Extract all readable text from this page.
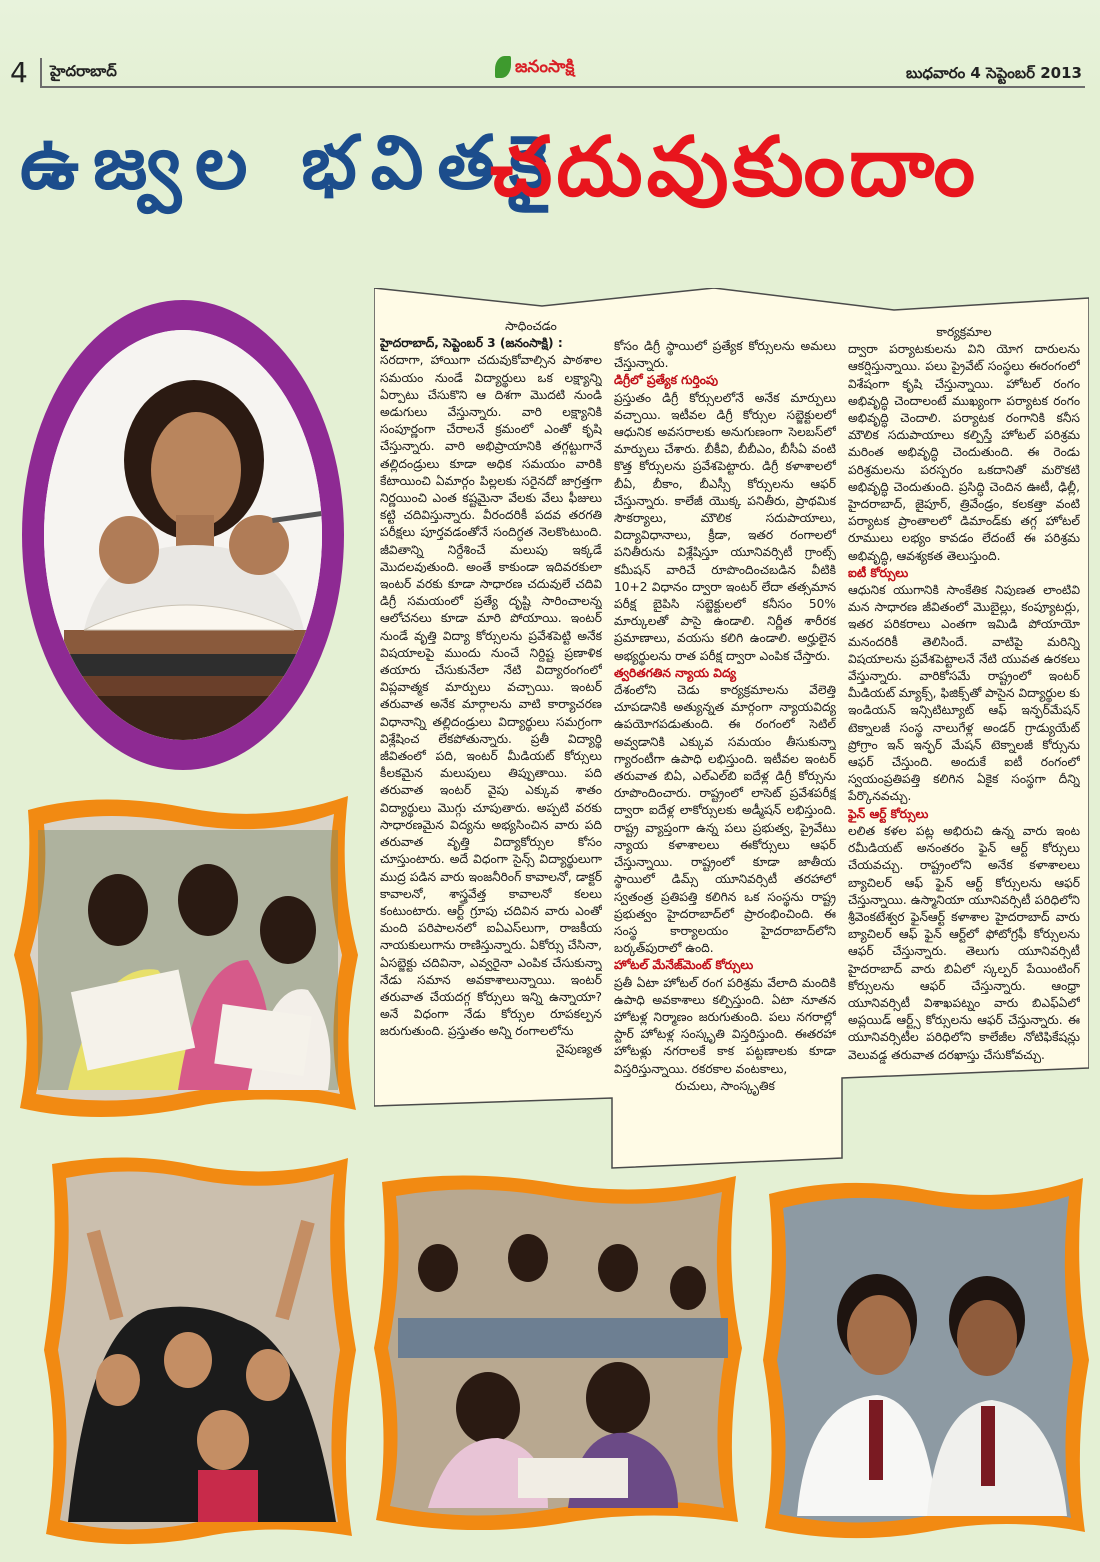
4 హైదరాబాద్	జనంసాక్షి	బుధవారం 4 సెప్టెంబర్ 2013
ఉజ్వల భవితకై
చదువుకుందాం

సాధించడం

హైదరాబాద్, సెప్టెంబర్ 3 (జనంసాక్షి) :

సరదాగా, హాయిగా చదువుకోవాల్సిన పాఠశాల సమయం నుండే విద్యార్థులు ఒక లక్ష్యాన్ని ఏర్పాటు చేసుకొని ఆ దిశగా మొదటి నుండి అడుగులు వేస్తున్నారు. వారి లక్ష్యానికి సంపూర్ణంగా చేరాలనే క్రమంలో ఎంతో కృషి చేస్తున్నారు. వారి అభిప్రాయానికి తగ్గట్టుగానే తల్లిదండ్రులు కూడా అధిక సమయం వారికి కేటాయించి ఏమార్గం పిల్లలకు సరైనదో జాగ్రత్తగా నిర్ణయించి ఎంత కష్టమైనా వేలకు వేలు ఫీజులు కట్టి చదివిస్తున్నారు. వీరందరికీ పదవ తరగతి పరీక్షలు పూర్తవడంతోనే సందిగ్ధత నెలకొంటుంది. జీవితాన్ని నిర్దేశించే మలుపు ఇక్కడే మొదలవుతుంది. అంతే కాకుండా ఇదివరకులా ఇంటర్ వరకు కూడా సాధారణ చదువులే చదివి డిగ్రీ సమయంలో ప్రత్యే దృష్టి సారించాలన్న ఆలోచనలు కూడా మారి పోయాయి. ఇంటర్ నుండే వృత్తి విద్యా కోర్సులను ప్రవేశపెట్టి అనేక విషయాలపై ముందు నుంచే నిర్దిష్ట ప్రణాళిక తయారు చేసుకునేలా నేటి విద్యారంగంలో విప్లవాత్మక మార్పులు వచ్చాయి. ఇంటర్ తరువాత అనేక మార్గాలను వాటి కార్యాచరణ విధానాన్ని తల్లిదండ్రులు విద్యార్థులు సమగ్రంగా విశ్లేషించ లేకపోతున్నారు. ప్రతీ విద్యార్థి జీవితంలో పది, ఇంటర్ మీడియట్ కోర్సులు కీలకమైన మలుపులు తిప్పుతాయి. పది తరువాత ఇంటర్ వైపు ఎక్కువ శాతం విద్యార్థులు మొగ్గు చూపుతారు. అప్పటి వరకు సాధారణమైన విద్యను అభ్యసించిన వారు పది తరువాత వృత్తి విద్యాకోర్సుల కోసం చూస్తుంటారు. అదే విధంగా సైన్స్ విద్యార్థులుగా ముద్ర పడిన వారు ఇంజనీరింగ్ కావాలనో, డాక్టర్ కావాలనో, శాస్త్రవేత్త కావాలనో కలలు కంటుంటారు. ఆర్ట్ గ్రూపు చదివిన వారు ఎంతో మంది పరిపాలనలో ఐఏఎస్‌లుగా, రాజకీయ నాయకులుగాను రాణిస్తున్నారు. ఏకోర్సు చేసినా, ఏసబ్జెక్టు చదివినా, ఎవ్వరైనా ఎంపిక చేసుకున్నా నేడు సమాన అవకాశాలున్నాయి. ఇంటర్ తరువాత చేయదగ్గ కోర్సులు ఇన్ని ఉన్నాయా? అనే విధంగా నేడు కోర్సుల రూపకల్పన జరుగుతుంది. ప్రస్తుతం అన్ని రంగాలలోను

నైపుణ్యత

కోసం డిగ్రీ స్థాయిలో ప్రత్యేక కోర్సులను అమలు చేస్తున్నారు.

డిగ్రీలో ప్రత్యేక గుర్తింపు

ప్రస్తుతం డిగ్రీ కోర్సులలోనే అనేక మార్పులు వచ్చాయి. ఇటీవల డిగ్రీ కోర్సుల సబ్జెక్టులలో ఆధునిక అవసరాలకు అనుగుణంగా సెలబస్‌లో మార్పులు చేశారు. బీకీవి, బీబీఎం, బీసీఏ వంటి కొత్త కోర్సులను ప్రవేశపెట్టారు. డిగ్రీ కళాశాలలో బీఏ, బీకాం, బీఎస్సీ కోర్సులను ఆఫర్ చేస్తున్నారు. కాలేజీ యొక్క పనితీరు, ప్రాథమిక సౌకర్యాలు, మౌలిక సదుపాయాలు, విద్యావిధానాలు, క్రీడా, ఇతర రంగాలలో పనితీరును విశ్లేషిస్తూ యూనివర్సిటీ గ్రాంట్స్ కమీషన్ వారిచే రూపొందించబడిన వీటికి 10+2 విధానం ద్వారా ఇంటర్ లేదా తత్సమాన పరీక్ష బైపిసి సబ్జెక్టులలో కనీసం 50% మార్కులతో పాసై ఉండాలి. నిర్ణీత శారీరక ప్రమాణాలు, వయసు కలిగి ఉండాలి. అర్హులైన అభ్యర్థులను రాత పరీక్ష ద్వారా ఎంపిక చేస్తారు.

త్వరితగతిన న్యాయ విద్య

దేశంలోని చెడు కార్యక్రమాలను వేలెత్తి చూపడానికి అత్యున్నత మార్గంగా న్యాయవిద్య ఉపయోగపడుతుంది. ఈ రంగంలో సెటిల్ అవ్వడానికి ఎక్కువ సమయం తీసుకున్నా గ్యారంటీగా ఉపాధి లభిస్తుంది. ఇటీవల ఇంటర్ తరువాత బిఏ, ఎల్‌ఎల్‌బి ఐదేళ్ల డిగ్రీ కోర్సును రూపొందించారు. రాష్ట్రంలో లాసెట్ ప్రవేశపరీక్ష ద్వారా ఐదేళ్ల లాకోర్సులకు అడ్మీషన్ లభిస్తుంది. రాష్ట్ర వ్యాప్తంగా ఉన్న పలు ప్రభుత్వ, ప్రైవేటు న్యాయ కళాశాలలు ఈకోర్సులు ఆఫర్ చేస్తున్నాయి. రాష్ట్రంలో కూడా జాతీయ స్థాయిలో డిమ్స్ యూనివర్సిటీ తరహాలో స్వతంత్ర ప్రతిపత్తి కలిగిన ఒక సంస్థను రాష్ట్ర ప్రభుత్వం హైదరాబాద్‌లో ప్రారంభించింది. ఈ సంస్థ కార్యాలయం హైదరాబాద్‌లోని బర్కత్‌పురాలో ఉంది.

హోటల్ మేనేజ్‌మెంట్ కోర్సులు

ప్రతీ ఏటా హోటల్ రంగ పరిశ్రమ వేలాది మందికి ఉపాధి అవకాశాలు కల్పిస్తుంది. ఏటా నూతన హోటళ్ల నిర్మాణం జరుగుతుంది. పలు నగరాల్లో స్టార్ హోటళ్ల సంస్కృతి విస్తరిస్తుంది. ఈతరహా హోటళ్లు నగరాలకే కాక పట్టణాలకు కూడా విస్తరిస్తున్నాయి. రకరకాల వంటకాలు,

రుచులు, సాంస్కృతిక

కార్యక్రమాల

ద్వారా పర్యాటకులను విని యోగ దారులను ఆకర్షిస్తున్నాయి. పలు ప్రైవేట్ సంస్థలు ఈరంగంలో విశేషంగా కృషి చేస్తున్నాయి. హోటల్ రంగం అభివృద్ధి చెందాలంటే ముఖ్యంగా పర్యాటక రంగం అభివృద్ధి చెందాలి. పర్యాటక రంగానికి కనీస మౌలిక సదుపాయాలు కల్పిస్తే హోటల్ పరిశ్రమ మరింత అభివృద్ధి చెందుతుంది. ఈ రెండు పరిశ్రమలను పరస్పరం ఒకదానితో మరొకటి అభివృద్ధి చెందుతుంది. ప్రసిద్ధి చెందిన ఊటీ, ఢిల్లీ, హైదరాబాద్, జైపూర్, త్రివేండ్రం, కలకత్తా వంటి పర్యాటక ప్రాంతాలలో డిమాండ్‌కు తగ్గ హోటల్ రూములు లభ్యం కావడం లేదంటే ఈ పరిశ్రమ అభివృద్ధి, ఆవశ్యకత తెలుస్తుంది.

ఐటీ కోర్సులు

ఆధునిక యుగానికి సాంకేతిక నిపుణత లాంటివి మన సాధారణ జీవితంలో మొబైల్లు, కంప్యూటర్లు, ఇతర పరికరాలు ఎంతగా ఇమిడి పోయాయో మనందరికీ తెలిసిందే. వాటిపై మరిన్ని విషయాలను ప్రవేశపెట్టాలనే నేటి యువత ఉరకలు వేస్తున్నారు. వారికోసమే రాష్ట్రంలో ఇంటర్ మీడియట్ మ్యాక్స్, ఫిజిక్స్‌తో పాసైన విద్యార్థుల కు ఇండియన్ ఇన్సిటిట్యూట్ ఆఫ్ ఇన్ఫర్‌మేషన్ టెక్నాలజీ సంస్థ నాలుగేళ్ల అండర్ గ్రాడ్యుయేట్ ప్రోగ్రాం ఇన్ ఇన్ఫర్ మేషన్ టెక్నాలజీ కోర్సును ఆఫర్ చేస్తుంది. అందుకే ఐటీ రంగంలో స్వయంప్రతిపత్తి కలిగిన ఏకైక సంస్థగా దీన్ని పేర్కొనవచ్చు.

ఫైన్ ఆర్ట్ కోర్సులు

లలిత కళల పట్ల అభిరుచి ఉన్న వారు ఇంట రమీడియట్ అనంతరం ఫైన్ ఆర్ట్ కోర్సులు చేయవచ్చు. రాష్ట్రంలోని అనేక కళాశాలలు బ్యాచిలర్ ఆఫ్ ఫైన్ ఆర్ట్ కోర్సులను ఆఫర్ చేస్తున్నాయి. ఉస్మానియా యూనివర్సిటీ పరిధిలోని శ్రీవెంకటేశ్వర ఫైన్‌ఆర్ట్ కళాశాల హైదరాబాద్ వారు బ్యాచిలర్ ఆఫ్ ఫైన్ ఆర్ట్‌లో ఫోటోగ్రఫీ కోర్సులను ఆఫర్ చేస్తున్నారు. తెలుగు యూనివర్సిటీ హైదరాబాద్ వారు బిఏలో స్కల్పర్ పేయింటింగ్ కోర్సులను ఆఫర్ చేస్తున్నారు. ఆంధ్రా యూనివర్సిటీ విశాఖపట్నం వారు బిఎఫ్‌ఏలో అప్లయిడ్ ఆర్ట్స్ కోర్సులను ఆఫర్ చేస్తున్నారు. ఈ యూనివర్సిటీల పరిధిలోని కాలేజీల నోటిఫికేషన్లు వెలువడ్డ తరువాత దరఖాస్తు చేసుకోవచ్చు.
